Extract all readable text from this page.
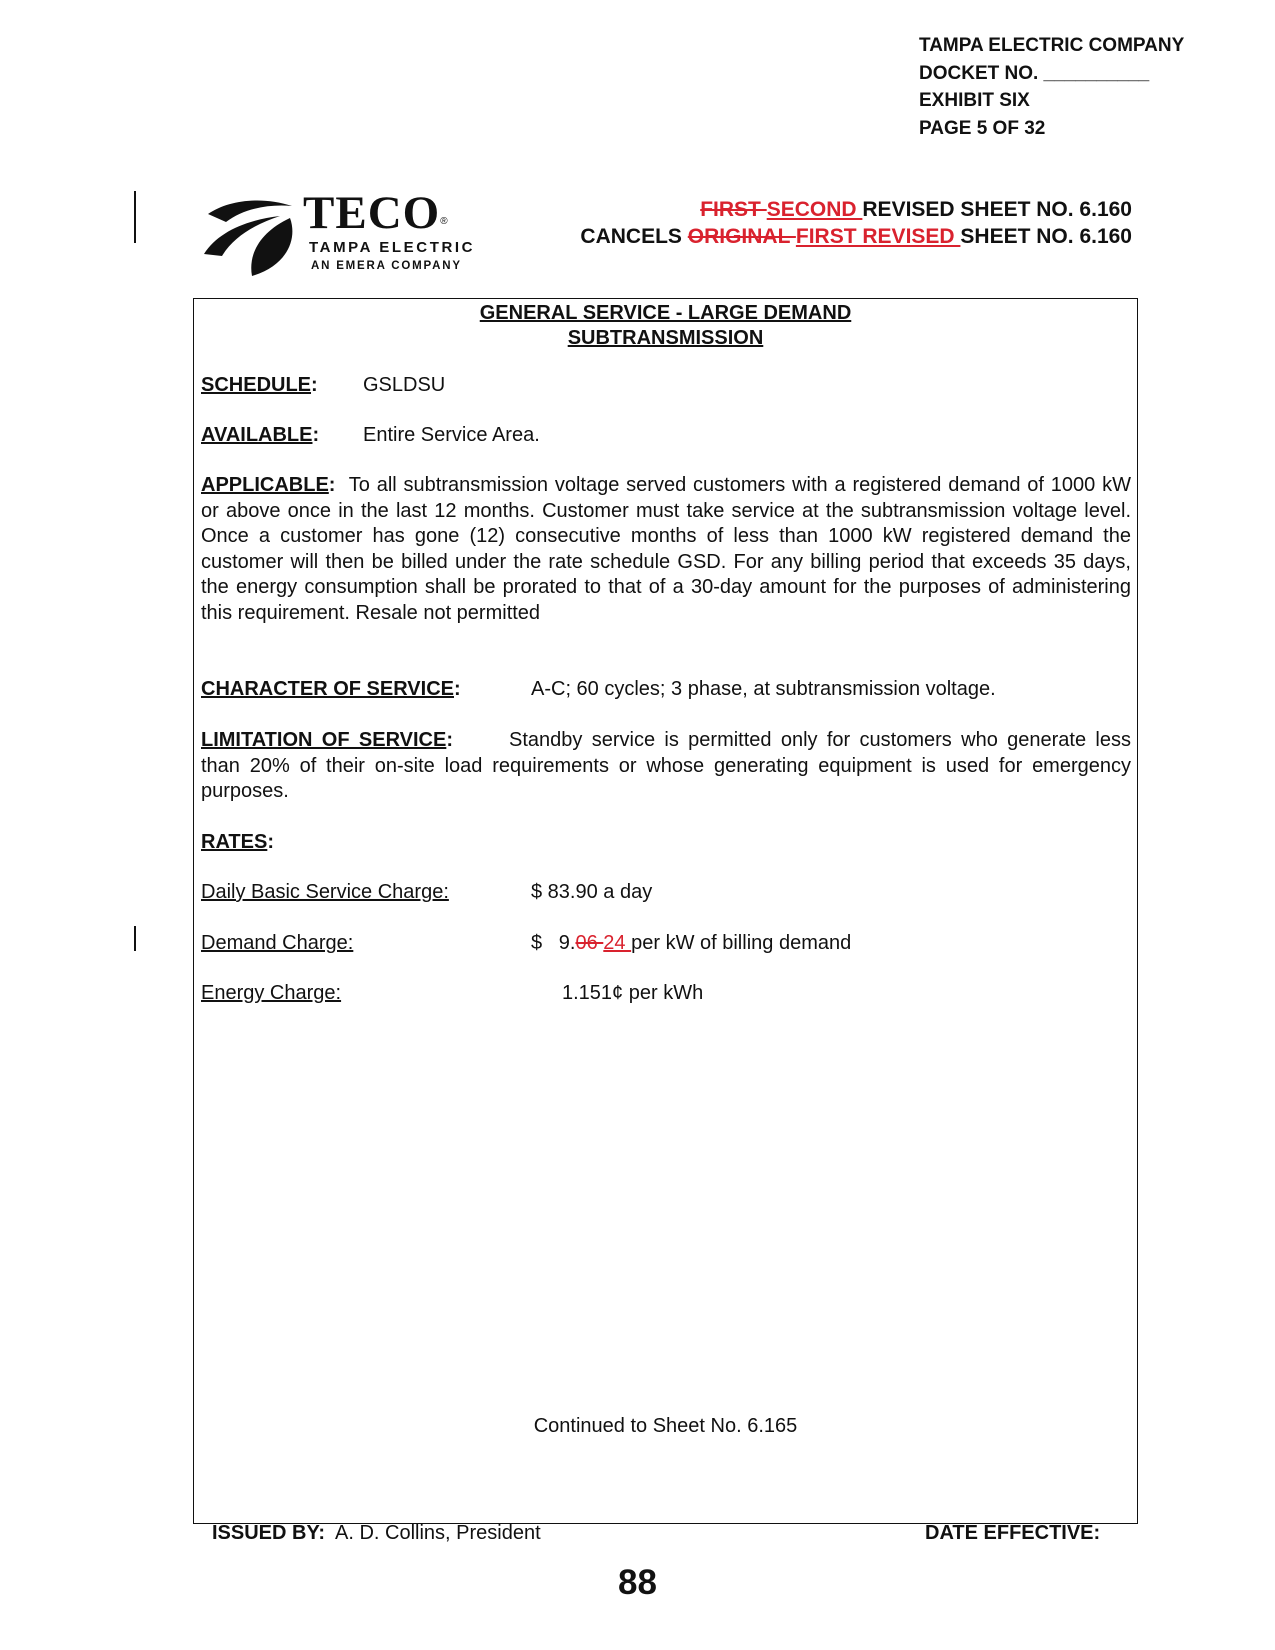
TAMPA ELECTRIC COMPANY
DOCKET NO. __________
EXHIBIT SIX
PAGE 5 OF 32
TECO®
TAMPA ELECTRIC
AN EMERA COMPANY
FIRST SECOND REVISED SHEET NO. 6.160
CANCELS ORIGINAL FIRST REVISED SHEET NO. 6.160
GENERAL SERVICE - LARGE DEMAND
SUBTRANSMISSION
SCHEDULE: GSLDSU
AVAILABLE: Entire Service Area.
APPLICABLE: To all subtransmission voltage served customers with a registered demand of 1000 kW or above once in the last 12 months. Customer must take service at the subtransmission voltage level. Once a customer has gone (12) consecutive months of less than 1000 kW registered demand the customer will then be billed under the rate schedule GSD. For any billing period that exceeds 35 days, the energy consumption shall be prorated to that of a 30-day amount for the purposes of administering this requirement. Resale not permitted
CHARACTER OF SERVICE:	A-C; 60 cycles; 3 phase, at subtransmission voltage.
LIMITATION OF SERVICE:	Standby service is permitted only for customers who generate less than 20% of their on-site load requirements or whose generating equipment is used for emergency purposes.
RATES:
Daily Basic Service Charge:	$ 83.90 a day
Demand Charge:	$ 9.06 24 per kW of billing demand
Energy Charge:	1.151¢ per kWh
Continued to Sheet No. 6.165
ISSUED BY: A. D. Collins, President	DATE EFFECTIVE:
88
